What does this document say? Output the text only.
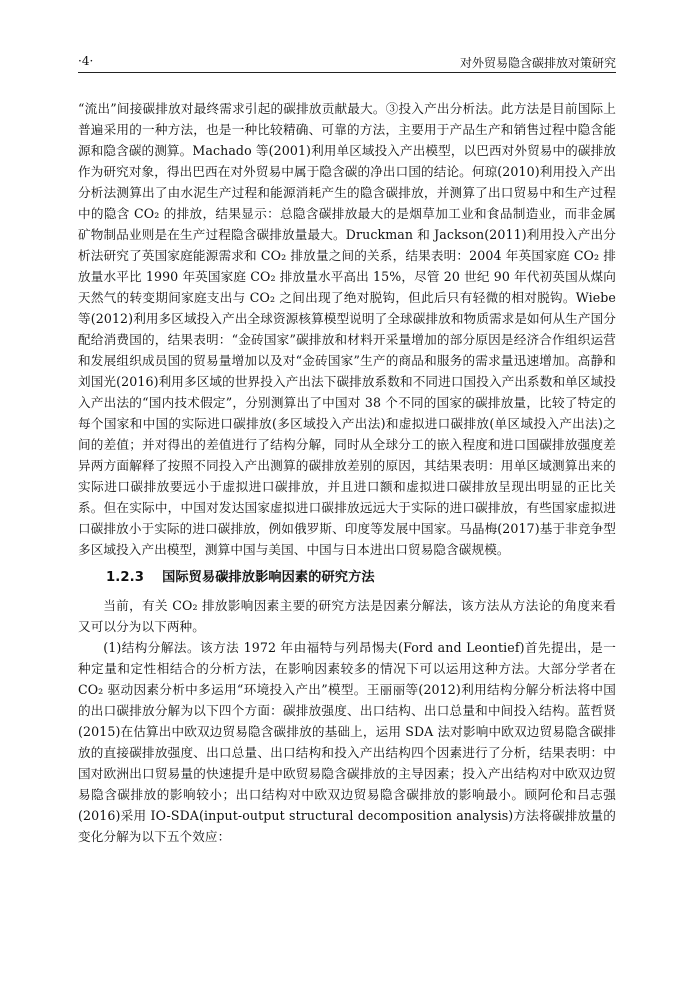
·4·	对外贸易隐含碳排放对策研究

“流出”间接碳排放对最终需求引起的碳排放贡献最大。③投入产出分析法。此方法是目前国际上普遍采用的一种方法，也是一种比较精确、可靠的方法，主要用于产品生产和销售过程中隐含能源和隐含碳的测算。Machado 等(2001)利用单区域投入产出模型，以巴西对外贸易中的碳排放作为研究对象，得出巴西在对外贸易中属于隐含碳的净出口国的结论。何琼(2010)利用投入产出分析法测算出了由水泥生产过程和能源消耗产生的隐含碳排放，并测算了出口贸易中和生产过程中的隐含 CO₂ 的排放，结果显示：总隐含碳排放最大的是烟草加工业和食品制造业，而非金属矿物制品业则是在生产过程隐含碳排放量最大。Druckman 和 Jackson(2011)利用投入产出分析法研究了英国家庭能源需求和 CO₂ 排放量之间的关系，结果表明：2004 年英国家庭 CO₂ 排放量水平比 1990 年英国家庭 CO₂ 排放量水平高出 15%，尽管 20 世纪 90 年代初英国从煤向天然气的转变期间家庭支出与 CO₂ 之间出现了绝对脱钩，但此后只有轻微的相对脱钩。Wiebe 等(2012)利用多区域投入产出全球资源核算模型说明了全球碳排放和物质需求是如何从生产国分配给消费国的，结果表明：“金砖国家”碳排放和材料开采量增加的部分原因是经济合作组织运营和发展组织成员国的贸易量增加以及对“金砖国家”生产的商品和服务的需求量迅速增加。高静和刘国光(2016)利用多区域的世界投入产出法下碳排放系数和不同进口国投入产出系数和单区域投入产出法的“国内技术假定”，分别测算出了中国对 38 个不同的国家的碳排放量，比较了特定的每个国家和中国的实际进口碳排放(多区域投入产出法)和虚拟进口碳排放(单区域投入产出法)之间的差值；并对得出的差值进行了结构分解，同时从全球分工的嵌入程度和进口国碳排放强度差异两方面解释了按照不同投入产出测算的碳排放差别的原因，其结果表明：用单区域测算出来的实际进口碳排放要远小于虚拟进口碳排放，并且进口额和虚拟进口碳排放呈现出明显的正比关系。但在实际中，中国对发达国家虚拟进口碳排放远远大于实际的进口碳排放，有些国家虚拟进口碳排放小于实际的进口碳排放，例如俄罗斯、印度等发展中国家。马晶梅(2017)基于非竞争型多区域投入产出模型，测算中国与美国、中国与日本进出口贸易隐含碳规模。

1.2.3 国际贸易碳排放影响因素的研究方法

当前，有关 CO₂ 排放影响因素主要的研究方法是因素分解法，该方法从方法论的角度来看又可以分为以下两种。

(1)结构分解法。该方法 1972 年由福特与列昂惕夫(Ford and Leontief)首先提出，是一种定量和定性相结合的分析方法，在影响因素较多的情况下可以运用这种方法。大部分学者在 CO₂ 驱动因素分析中多运用“环境投入产出”模型。王丽丽等(2012)利用结构分解分析法将中国的出口碳排放分解为以下四个方面：碳排放强度、出口结构、出口总量和中间投入结构。蓝哲贤(2015)在估算出中欧双边贸易隐含碳排放的基础上，运用 SDA 法对影响中欧双边贸易隐含碳排放的直接碳排放强度、出口总量、出口结构和投入产出结构四个因素进行了分析，结果表明：中国对欧洲出口贸易量的快速提升是中欧贸易隐含碳排放的主导因素；投入产出结构对中欧双边贸易隐含碳排放的影响较小；出口结构对中欧双边贸易隐含碳排放的影响最小。顾阿伦和吕志强(2016)采用 IO-SDA(input-output structural decomposition analysis)方法将碳排放量的变化分解为以下五个效应：
